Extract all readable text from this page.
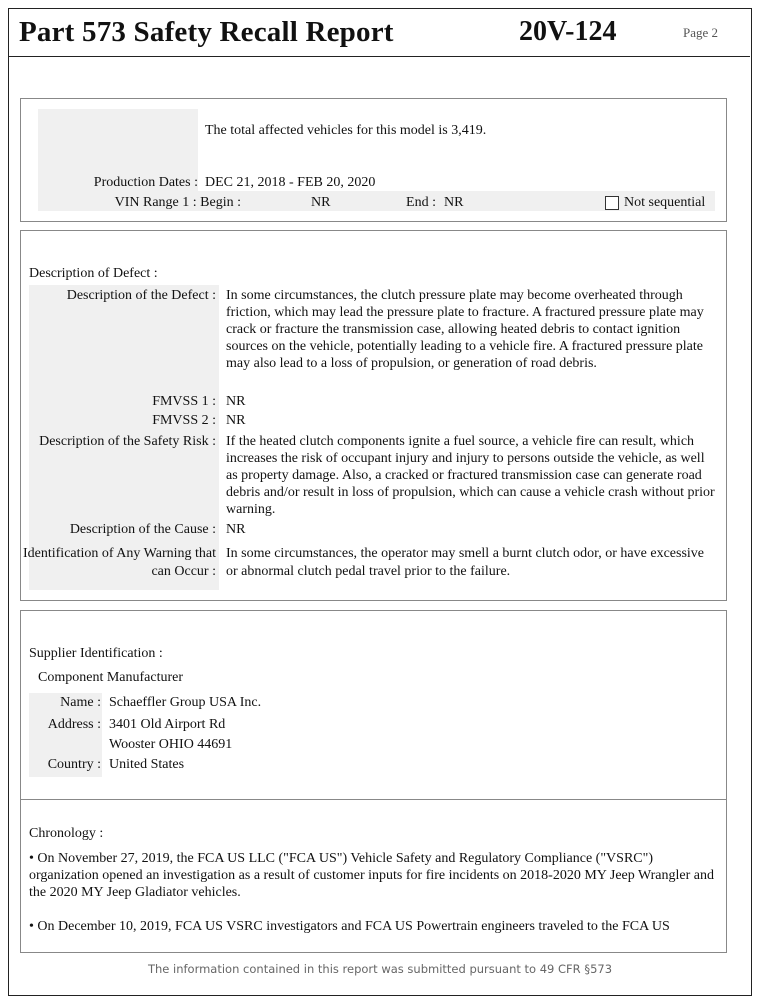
Part 573 Safety Recall Report	20V-124	Page 2
The total affected vehicles for this model is 3,419.
Production Dates : DEC 21, 2018 - FEB 20, 2020
VIN Range 1 : Begin :	NR	End : NR	Not sequential
Description of Defect :
Description of the Defect : In some circumstances, the clutch pressure plate may become overheated through friction, which may lead the pressure plate to fracture. A fractured pressure plate may crack or fracture the transmission case, allowing heated debris to contact ignition sources on the vehicle, potentially leading to a vehicle fire. A fractured pressure plate may also lead to a loss of propulsion, or generation of road debris.
FMVSS 1 : NR
FMVSS 2 : NR
Description of the Safety Risk : If the heated clutch components ignite a fuel source, a vehicle fire can result, which increases the risk of occupant injury and injury to persons outside the vehicle, as well as property damage. Also, a cracked or fractured transmission case can generate road debris and/or result in loss of propulsion, which can cause a vehicle crash without prior warning.
Description of the Cause : NR
Identification of Any Warning that can Occur :
In some circumstances, the operator may smell a burnt clutch odor, or have excessive or abnormal clutch pedal travel prior to the failure.
Supplier Identification :
Component Manufacturer
Name : Schaeffler Group USA Inc.
Address : 3401 Old Airport Rd
Wooster OHIO 44691
Country : United States
Chronology :
• On November 27, 2019, the FCA US LLC ("FCA US") Vehicle Safety and Regulatory Compliance ("VSRC") organization opened an investigation as a result of customer inputs for fire incidents on 2018-2020 MY Jeep Wrangler and the 2020 MY Jeep Gladiator vehicles.
• On December 10, 2019, FCA US VSRC investigators and FCA US Powertrain engineers traveled to the FCA US
The information contained in this report was submitted pursuant to 49 CFR §573
